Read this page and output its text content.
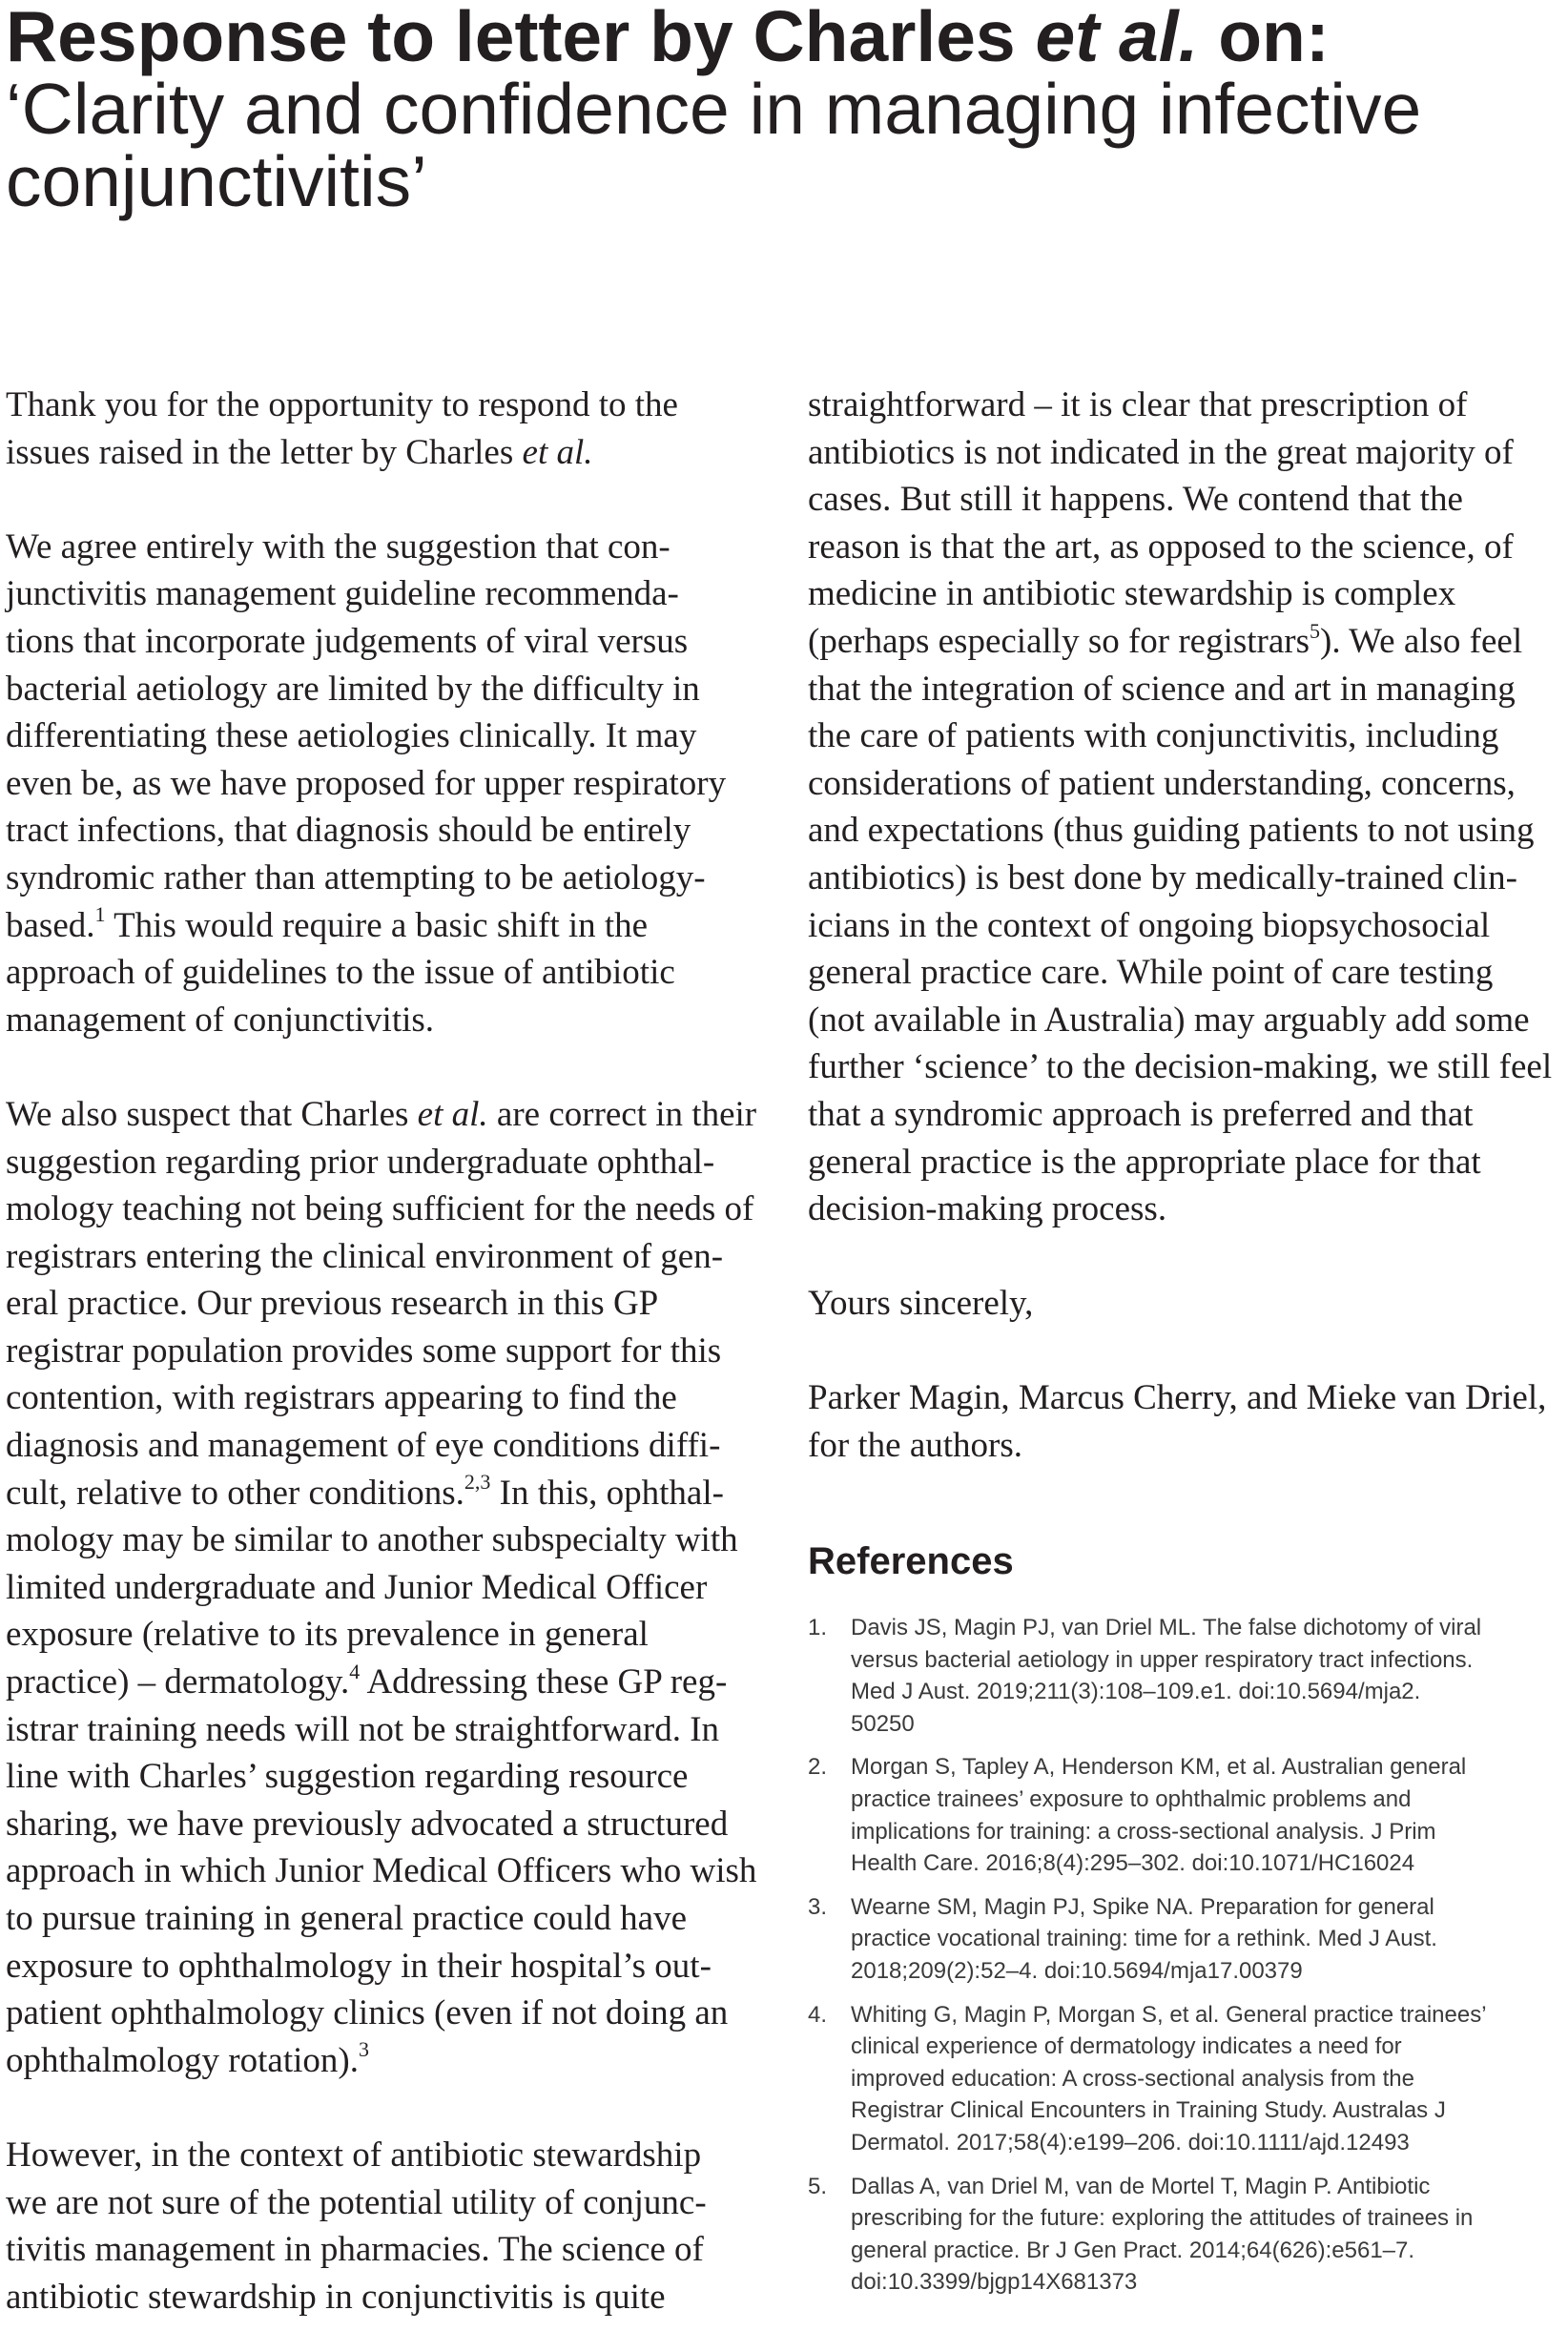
Response to letter by Charles et al. on:
‘Clarity and confidence in managing infective
conjunctivitis’

Thank you for the opportunity to respond to the
issues raised in the letter by Charles et al.

We agree entirely with the suggestion that con-
junctivitis management guideline recommenda-
tions that incorporate judgements of viral versus
bacterial aetiology are limited by the difficulty in
differentiating these aetiologies clinically. It may
even be, as we have proposed for upper respiratory
tract infections, that diagnosis should be entirely
syndromic rather than attempting to be aetiology-
based.$^1$ This would require a basic shift in the
approach of guidelines to the issue of antibiotic
management of conjunctivitis.

We also suspect that Charles et al. are correct in their
suggestion regarding prior undergraduate ophthal-
mology teaching not being sufficient for the needs of
registrars entering the clinical environment of gen-
eral practice. Our previous research in this GP
registrar population provides some support for this
contention, with registrars appearing to find the
diagnosis and management of eye conditions diffi-
cult, relative to other conditions.$^{2,3}$ In this, ophthal-
mology may be similar to another subspecialty with
limited undergraduate and Junior Medical Officer
exposure (relative to its prevalence in general
practice) – dermatology.$^4$ Addressing these GP reg-
istrar training needs will not be straightforward. In
line with Charles’ suggestion regarding resource
sharing, we have previously advocated a structured
approach in which Junior Medical Officers who wish
to pursue training in general practice could have
exposure to ophthalmology in their hospital’s out-
patient ophthalmology clinics (even if not doing an
ophthalmology rotation).$^3$

However, in the context of antibiotic stewardship
we are not sure of the potential utility of conjunc-
tivitis management in pharmacies. The science of
antibiotic stewardship in conjunctivitis is quite

straightforward – it is clear that prescription of
antibiotics is not indicated in the great majority of
cases. But still it happens. We contend that the
reason is that the art, as opposed to the science, of
medicine in antibiotic stewardship is complex
(perhaps especially so for registrars$^5$). We also feel
that the integration of science and art in managing
the care of patients with conjunctivitis, including
considerations of patient understanding, concerns,
and expectations (thus guiding patients to not using
antibiotics) is best done by medically-trained clin-
icians in the context of ongoing biopsychosocial
general practice care. While point of care testing
(not available in Australia) may arguably add some
further ‘science’ to the decision-making, we still feel
that a syndromic approach is preferred and that
general practice is the appropriate place for that
decision-making process.

Yours sincerely,

Parker Magin, Marcus Cherry, and Mieke van Driel,
for the authors.

References
1. Davis JS, Magin PJ, van Driel ML. The false dichotomy of viral
versus bacterial aetiology in upper respiratory tract infections.
Med J Aust. 2019;211(3):108–109.e1. doi:10.5694/mja2.
50250
2. Morgan S, Tapley A, Henderson KM, et al. Australian general
practice trainees’ exposure to ophthalmic problems and
implications for training: a cross-sectional analysis. J Prim
Health Care. 2016;8(4):295–302. doi:10.1071/HC16024
3. Wearne SM, Magin PJ, Spike NA. Preparation for general
practice vocational training: time for a rethink. Med J Aust.
2018;209(2):52–4. doi:10.5694/mja17.00379
4. Whiting G, Magin P, Morgan S, et al. General practice trainees’
clinical experience of dermatology indicates a need for
improved education: A cross-sectional analysis from the
Registrar Clinical Encounters in Training Study. Australas J
Dermatol. 2017;58(4):e199–206. doi:10.1111/ajd.12493
5. Dallas A, van Driel M, van de Mortel T, Magin P. Antibiotic
prescribing for the future: exploring the attitudes of trainees in
general practice. Br J Gen Pract. 2014;64(626):e561–7.
doi:10.3399/bjgp14X681373
